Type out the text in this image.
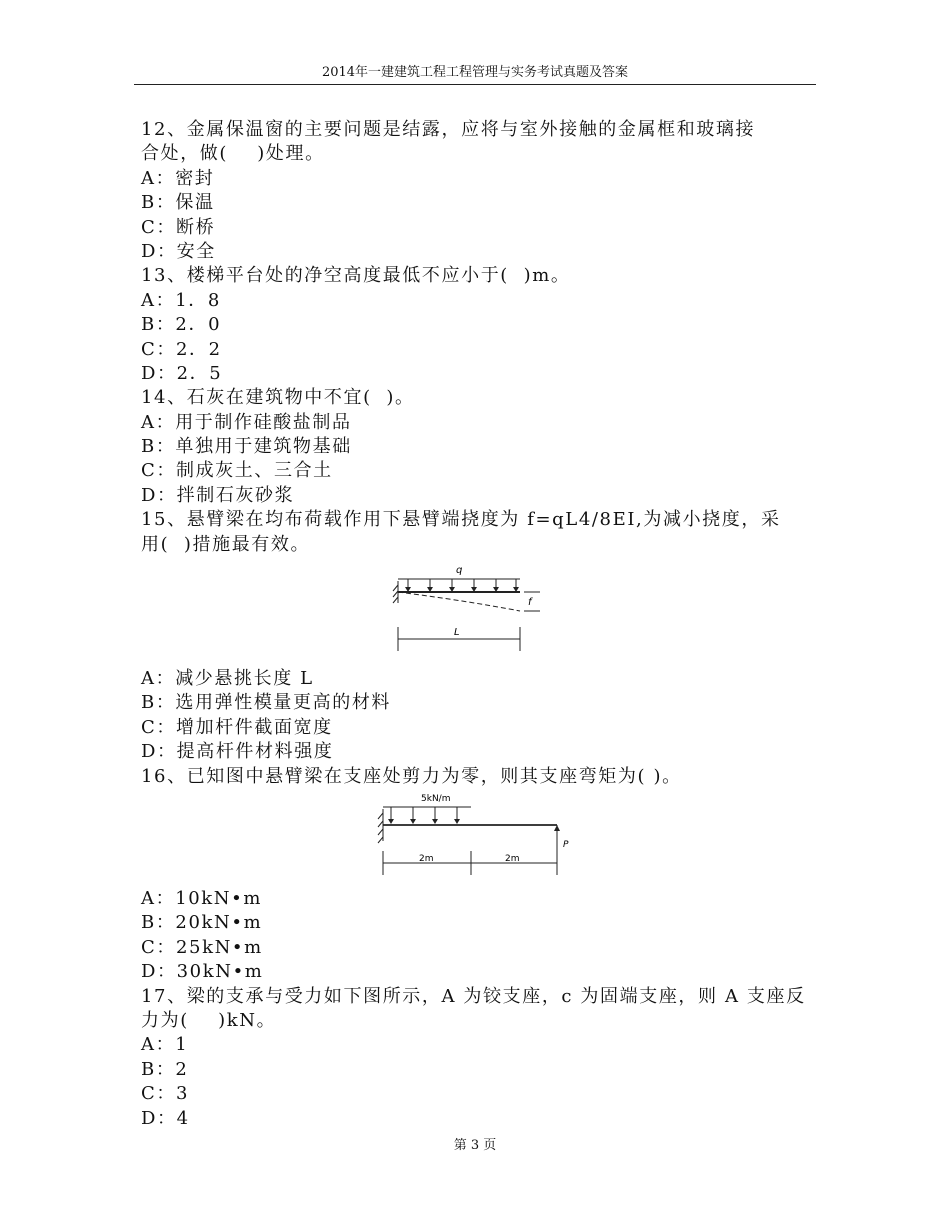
2014年一建建筑工程工程管理与实务考试真题及答案
12、金属保温窗的主要问题是结露，应将与室外接触的金属框和玻璃接
合处，做(    )处理。
A：密封
B：保温
C：断桥
D：安全
13、楼梯平台处的净空高度最低不应小于(  )m。
A：1．8
B：2．0
C：2．2
D：2．5
14、石灰在建筑物中不宜(  )。
A：用于制作硅酸盐制品
B：单独用于建筑物基础
C：制成灰土、三合土
D：拌制石灰砂浆
15、悬臂梁在均布荷载作用下悬臂端挠度为 f=qL4/8EI,为减小挠度，采
用(  )措施最有效。
q
f
L
A：减少悬挑长度 L
B：选用弹性模量更高的材料
C：增加杆件截面宽度
D：提高杆件材料强度
16、已知图中悬臂梁在支座处剪力为零，则其支座弯矩为( )。
5kN/m
P
2m	2m
A：10kN•m
B：20kN•m
C：25kN•m
D：30kN•m
17、梁的支承与受力如下图所示，A 为铰支座，c 为固端支座，则 A 支座反
力为(    )kN。
A：1
B：2
C：3
D：4
第 3 页
